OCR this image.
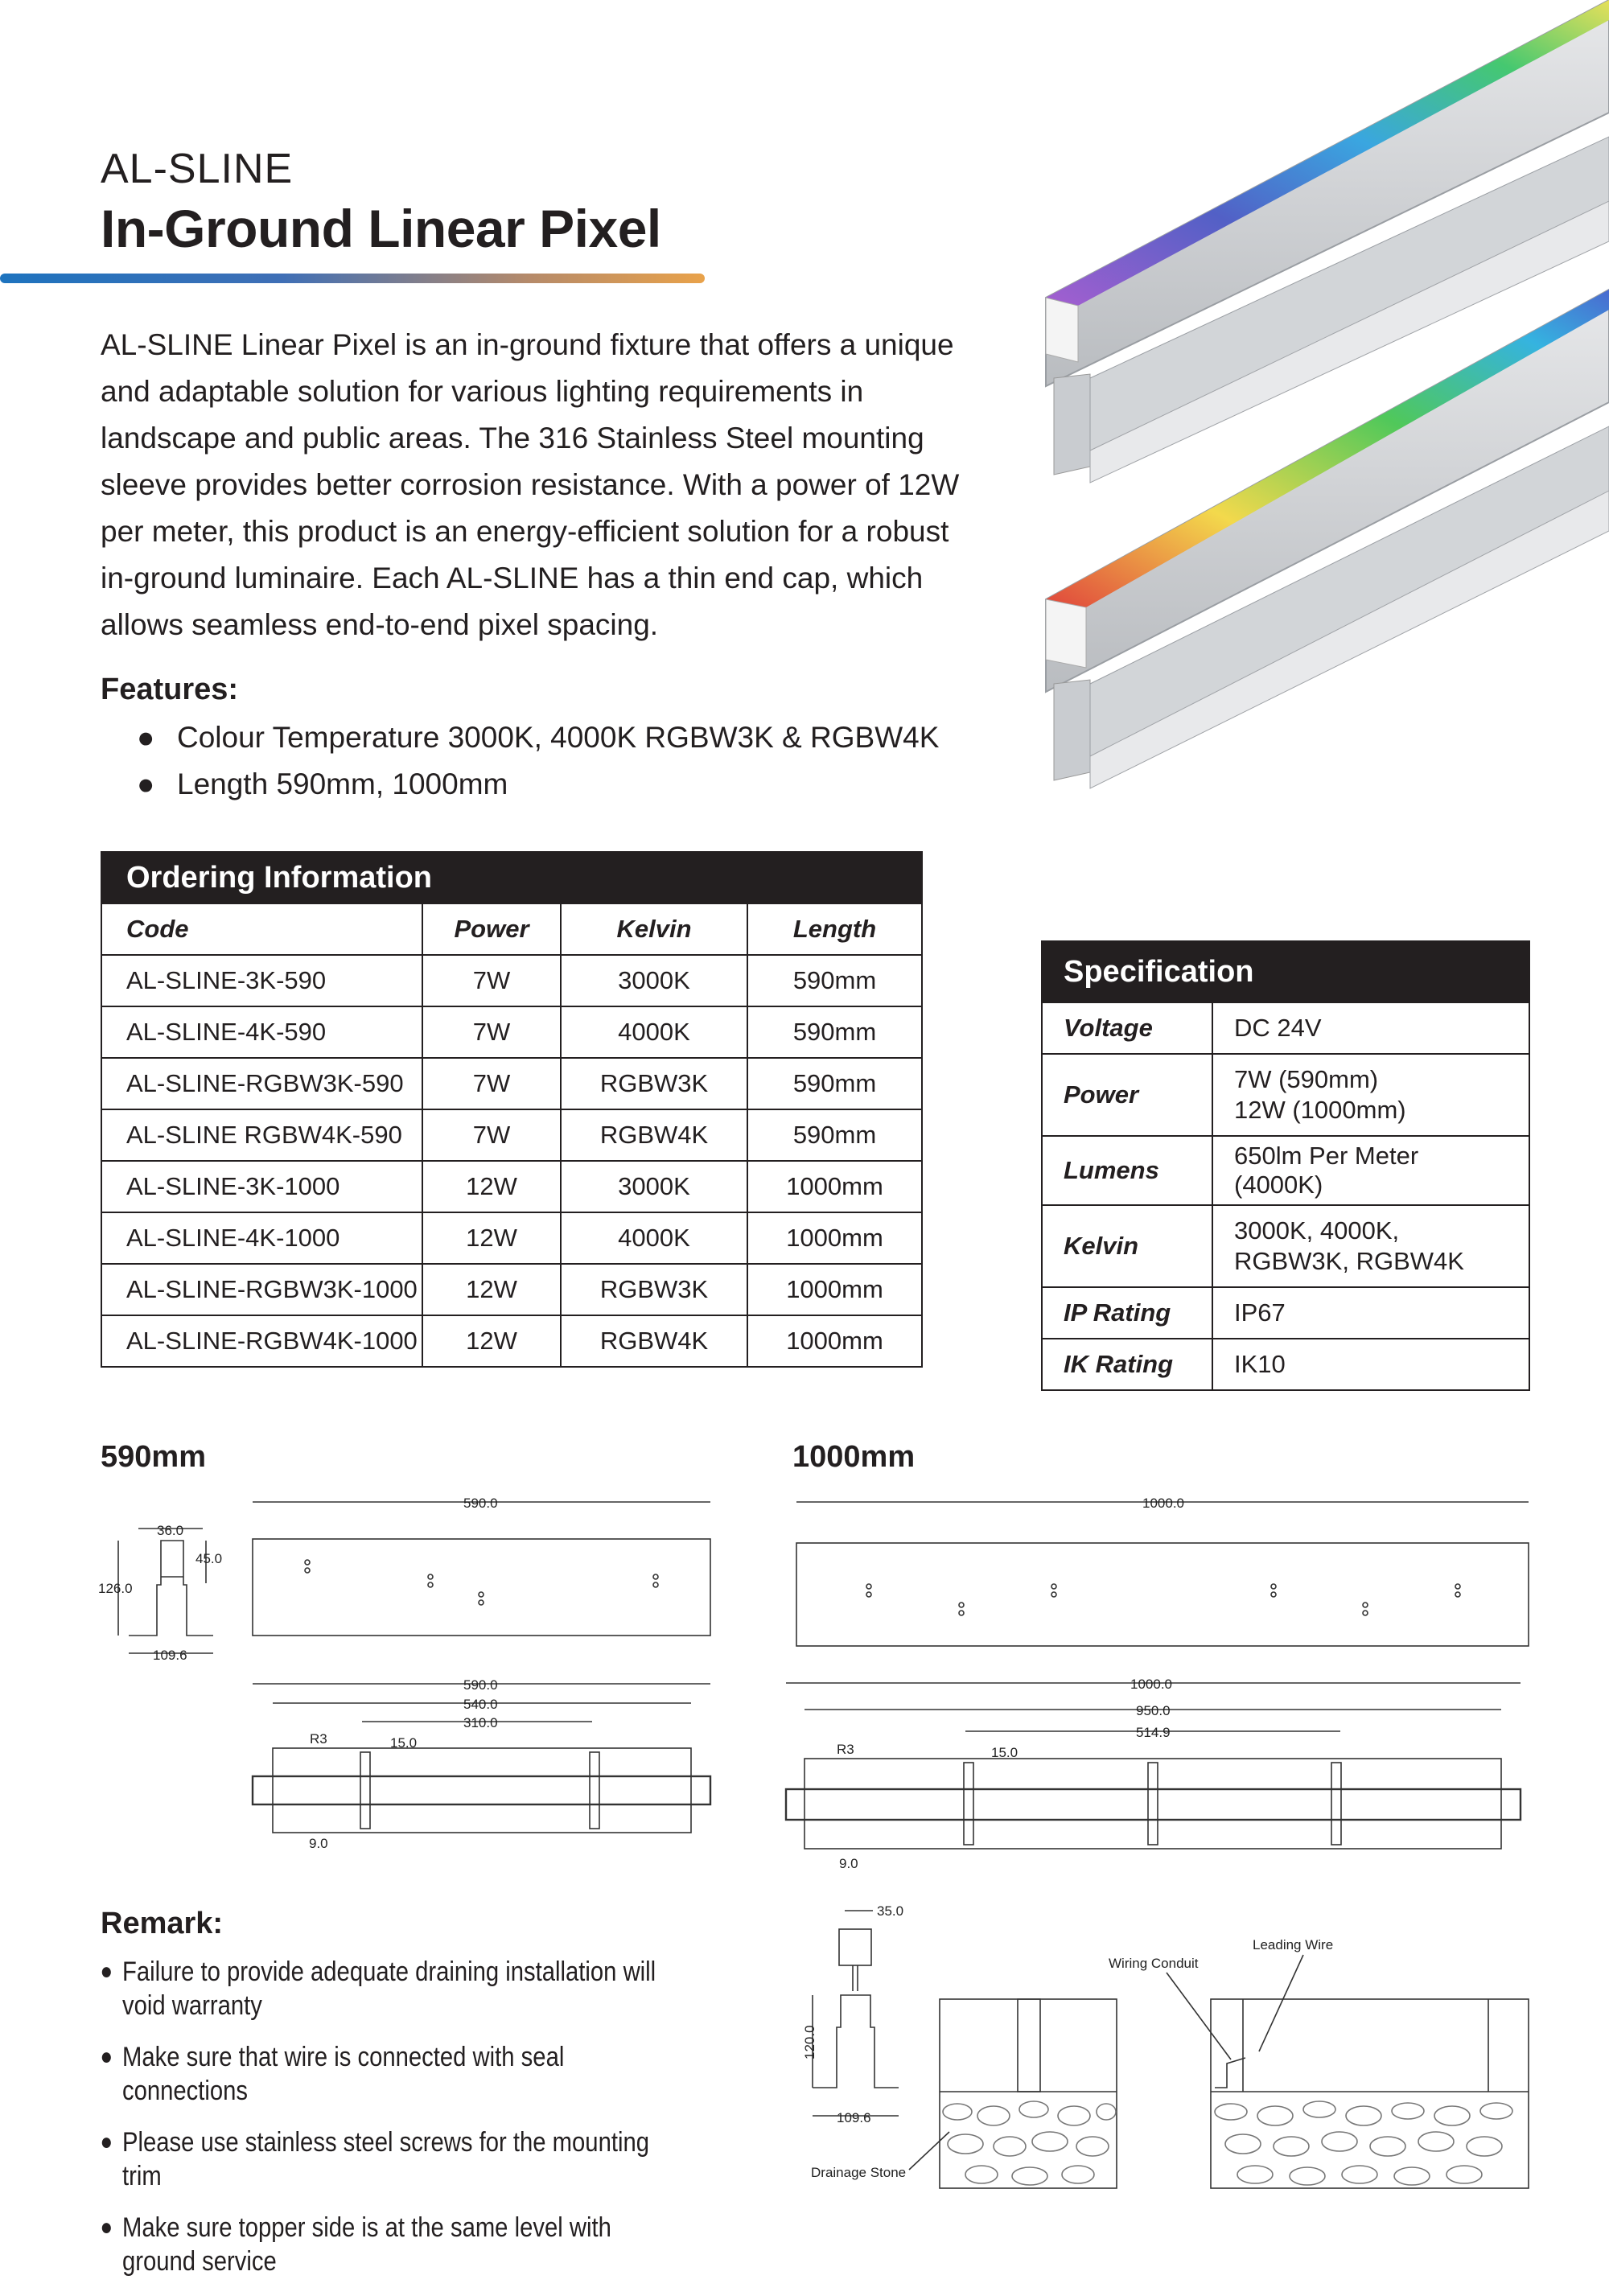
AL-SLINE
In-Ground Linear Pixel
AL-SLINE Linear Pixel is an in-ground fixture that offers a unique and adaptable solution for various lighting requirements in landscape and public areas. The 316 Stainless Steel mounting sleeve provides better corrosion resistance. With a power of 12W per meter, this product is an energy-efficient solution for a robust in-ground luminaire. Each AL-SLINE has a thin end cap, which allows seamless end-to-end pixel spacing.
Features:
● Colour Temperature 3000K, 4000K RGBW3K & RGBW4K
● Length 590mm, 1000mm
Ordering Information			
Code	Power	Kelvin	Length
AL-SLINE-3K-590	7W	3000K	590mm
AL-SLINE-4K-590	7W	4000K	590mm
AL-SLINE-RGBW3K-590	7W	RGBW3K	590mm
AL-SLINE RGBW4K-590	7W	RGBW4K	590mm
AL-SLINE-3K-1000	12W	3000K	1000mm
AL-SLINE-4K-1000	12W	4000K	1000mm
AL-SLINE-RGBW3K-1000	12W	RGBW3K	1000mm
AL-SLINE-RGBW4K-1000	12W	RGBW4K	1000mm
Specification	
Voltage	DC 24V
Power	7W (590mm)
12W (1000mm)

Lumens	650lm Per Meter (4000K)
Kelvin	3000K, 4000K,
RGBW3K, RGBW4K

IP Rating	IP67
IK Rating	IK10
590mm	1000mm
36.0
126.0
45.0
109.6
590.0
590.0
540.0
310.0
R3	15.0
9.0
1000.0
1000.0
950.0
514.9
R3	15.0
9.0
35.0
120.0
109.6
Drainage Stone
Wiring Conduit
Leading Wire
Remark:
● Failure to provide adequate draining installation will void warranty
● Make sure that wire is connected with seal connections
● Please use stainless steel screws for the mounting trim
● Make sure topper side is at the same level with ground service
